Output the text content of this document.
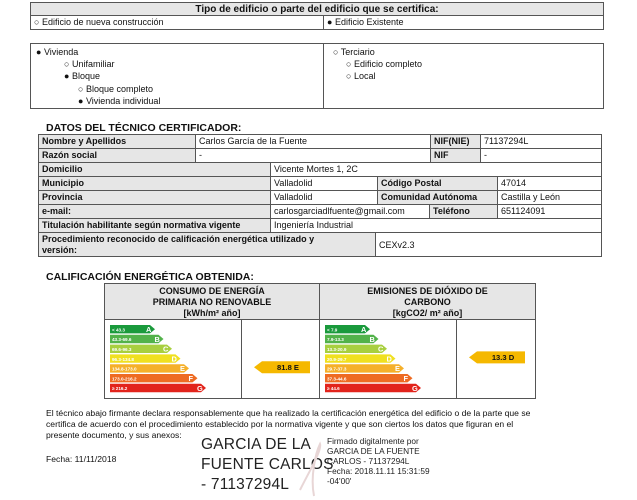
Tipo de edificio o parte del edificio que se certifica:
○ Edificio de nueva construcción	● Edificio Existente
● Vivienda
○ Unifamiliar
● Bloque
○ Bloque completo
● Vivienda individual
○ Terciario
○ Edificio completo
○ Local
DATOS DEL TÉCNICO CERTIFICADOR:
Nombre y Apellidos	Carlos García de la Fuente	NIF(NIE)	71137294L
Razón social	-	NIF	-
Domicilio	Vicente Mortes 1, 2C
Municipio	Valladolid	Código Postal	47014
Provincia	Valladolid	Comunidad Autónoma	Castilla y León
e-mail:	carlosgarciadlfuente@gmail.com	Teléfono	651124091
Titulación habilitante según normativa vigente	Ingeniería Industrial
Procedimiento reconocido de calificación energética utilizado y
versión:	CEXv2.3
CALIFICACIÓN ENERGÉTICA OBTENIDA:
CONSUMO DE ENERGÍA
PRIMARIA NO RENOVABLE
[kWh/m² año]
EMISIONES DE DIÓXIDO DE
CARBONO
[kgCO2/ m² año]
< 43.3	A
43.3-69.6	B
69.6-96.3	C
96.3-134.8	D
134.8-173.0	E
173.0-216.2	F
≥ 216.2	G
81.8 E
< 7.9	A
7.9-13.3	B
13.3-20.9	C
20.9-29.7	D
29.7-37.3	E
37.3-44.6	F
≥ 44.6	G
13.3 D
El técnico abajo firmante declara responsablemente que ha realizado la certificación energética del edificio o de la parte que se
certifica de acuerdo con el procedimiento establecido por la normativa vigente y que son ciertos los datos que figuran en el
presente documento, y sus anexos:
Fecha: 11/11/2018
GARCIA DE LA
FUENTE CARLOS
- 71137294L
Firmado digitalmente por
GARCIA DE LA FUENTE
CARLOS - 71137294L
Fecha: 2018.11.11 15:31:59
-04'00'
